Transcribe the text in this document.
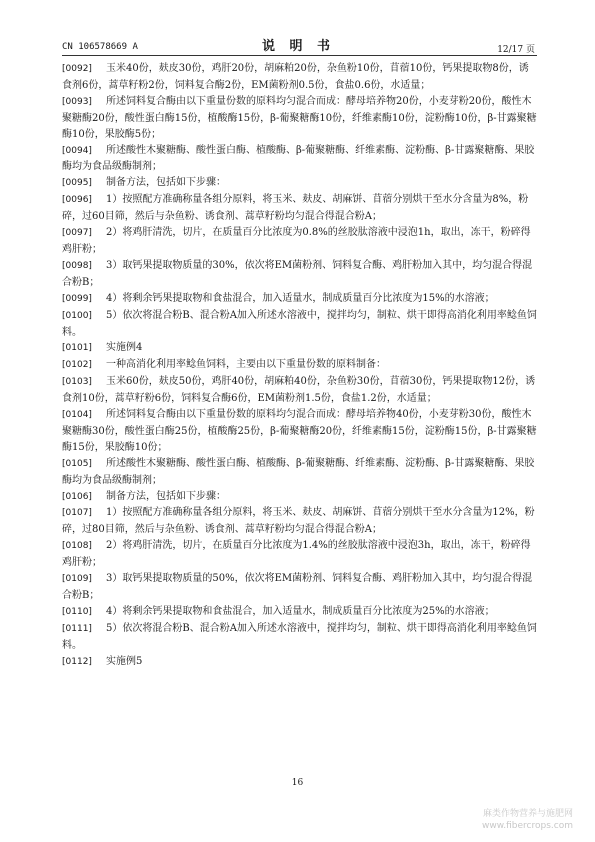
CN 106578669 A	说 明 书	12/17 页
[0092] 玉米40份，麸皮30份，鸡肝20份，胡麻粕20份，杂鱼粉10份，苜蓿10份，钙果提取物8份，诱食剂6份，蒿草籽粉2份，饲料复合酶2份，EM菌粉剂0.5份，食盐0.6份，水适量；
[0093] 所述饲料复合酶由以下重量份数的原料均匀混合而成：酵母培养物20份，小麦芽粉20份，酸性木聚糖酶20份，酸性蛋白酶15份，植酸酶15份，β-葡聚糖酶10份，纤维素酶10份，淀粉酶10份，β-甘露聚糖酶10份，果胶酶5份；
[0094] 所述酸性木聚糖酶、酸性蛋白酶、植酸酶、β-葡聚糖酶、纤维素酶、淀粉酶、β-甘露聚糖酶、果胶酶均为食品级酶制剂；
[0095] 制备方法，包括如下步骤：
[0096] 1）按照配方准确称量各组分原料，将玉米、麸皮、胡麻饼、苜蓿分别烘干至水分含量为8%，粉碎，过60目筛，然后与杂鱼粉、诱食剂、蒿草籽粉均匀混合得混合粉A；
[0097] 2）将鸡肝清洗，切片，在质量百分比浓度为0.8%的丝胶肽溶液中浸泡1h，取出，冻干，粉碎得鸡肝粉；
[0098] 3）取钙果提取物质量的30%，依次将EM菌粉剂、饲料复合酶、鸡肝粉加入其中，均匀混合得混合粉B；
[0099] 4）将剩余钙果提取物和食盐混合，加入适量水，制成质量百分比浓度为15%的水溶液；
[0100] 5）依次将混合粉B、混合粉A加入所述水溶液中，搅拌均匀，制粒、烘干即得高消化利用率鲶鱼饲料。
[0101] 实施例4
[0102] 一种高消化利用率鲶鱼饲料，主要由以下重量份数的原料制备：
[0103] 玉米60份，麸皮50份，鸡肝40份，胡麻粕40份，杂鱼粉30份，苜蓿30份，钙果提取物12份，诱食剂10份，蒿草籽粉6份，饲料复合酶6份，EM菌粉剂1.5份，食盐1.2份，水适量；
[0104] 所述饲料复合酶由以下重量份数的原料均匀混合而成：酵母培养物40份，小麦芽粉30份，酸性木聚糖酶30份，酸性蛋白酶25份，植酸酶25份，β-葡聚糖酶20份，纤维素酶15份，淀粉酶15份，β-甘露聚糖酶15份，果胶酶10份；
[0105] 所述酸性木聚糖酶、酸性蛋白酶、植酸酶、β-葡聚糖酶、纤维素酶、淀粉酶、β-甘露聚糖酶、果胶酶均为食品级酶制剂；
[0106] 制备方法，包括如下步骤：
[0107] 1）按照配方准确称量各组分原料，将玉米、麸皮、胡麻饼、苜蓿分别烘干至水分含量为12%，粉碎，过80目筛，然后与杂鱼粉、诱食剂、蒿草籽粉均匀混合得混合粉A；
[0108] 2）将鸡肝清洗，切片，在质量百分比浓度为1.4%的丝胶肽溶液中浸泡3h，取出，冻干，粉碎得鸡肝粉；
[0109] 3）取钙果提取物质量的50%，依次将EM菌粉剂、饲料复合酶、鸡肝粉加入其中，均匀混合得混合粉B；
[0110] 4）将剩余钙果提取物和食盐混合，加入适量水，制成质量百分比浓度为25%的水溶液；
[0111] 5）依次将混合粉B、混合粉A加入所述水溶液中，搅拌均匀，制粒、烘干即得高消化利用率鲶鱼饲料。
[0112] 实施例5
16
麻类作物营养与施肥网
www.fibercrops.com
